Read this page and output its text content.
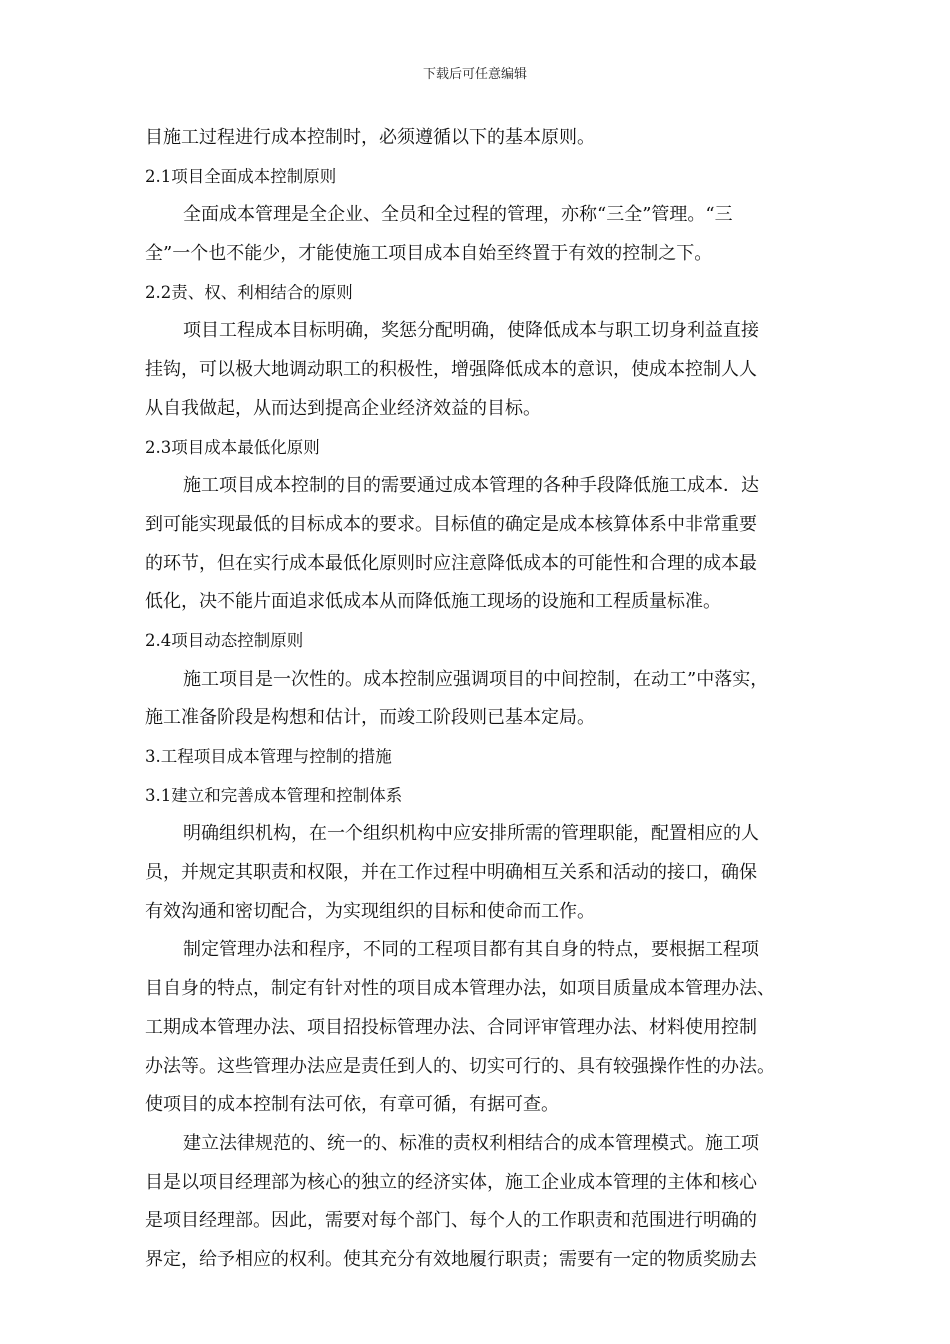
下载后可任意编辑
目施工过程进行成本控制时，必须遵循以下的基本原则。
2.1项目全面成本控制原则
全面成本管理是全企业、全员和全过程的管理，亦称“三全”管理。“三
全”一个也不能少，才能使施工项目成本自始至终置于有效的控制之下。
2.2责、权、利相结合的原则
项目工程成本目标明确，奖惩分配明确，使降低成本与职工切身利益直接
挂钩，可以极大地调动职工的积极性，增强降低成本的意识，使成本控制人人
从自我做起，从而达到提高企业经济效益的目标。
2.3项目成本最低化原则
施工项目成本控制的目的需要通过成本管理的各种手段降低施工成本．达
到可能实现最低的目标成本的要求。目标值的确定是成本核算体系中非常重要
的环节，但在实行成本最低化原则时应注意降低成本的可能性和合理的成本最
低化，决不能片面追求低成本从而降低施工现场的设施和工程质量标准。
2.4项目动态控制原则
施工项目是一次性的。成本控制应强调项目的中间控制，在动工”中落实，
施工准备阶段是构想和估计，而竣工阶段则已基本定局。
3.工程项目成本管理与控制的措施
3.1建立和完善成本管理和控制体系
明确组织机构，在一个组织机构中应安排所需的管理职能，配置相应的人
员，并规定其职责和权限，并在工作过程中明确相互关系和活动的接口，确保
有效沟通和密切配合，为实现组织的目标和使命而工作。
制定管理办法和程序，不同的工程项目都有其自身的特点，要根据工程项
目自身的特点，制定有针对性的项目成本管理办法，如项目质量成本管理办法、
工期成本管理办法、项目招投标管理办法、合同评审管理办法、材料使用控制
办法等。这些管理办法应是责任到人的、切实可行的、具有较强操作性的办法。
使项目的成本控制有法可依，有章可循，有据可查。
建立法律规范的、统一的、标准的责权利相结合的成本管理模式。施工项
目是以项目经理部为核心的独立的经济实体，施工企业成本管理的主体和核心
是项目经理部。因此，需要对每个部门、每个人的工作职责和范围进行明确的
界定，给予相应的权利。使其充分有效地履行职责；需要有一定的物质奖励去
